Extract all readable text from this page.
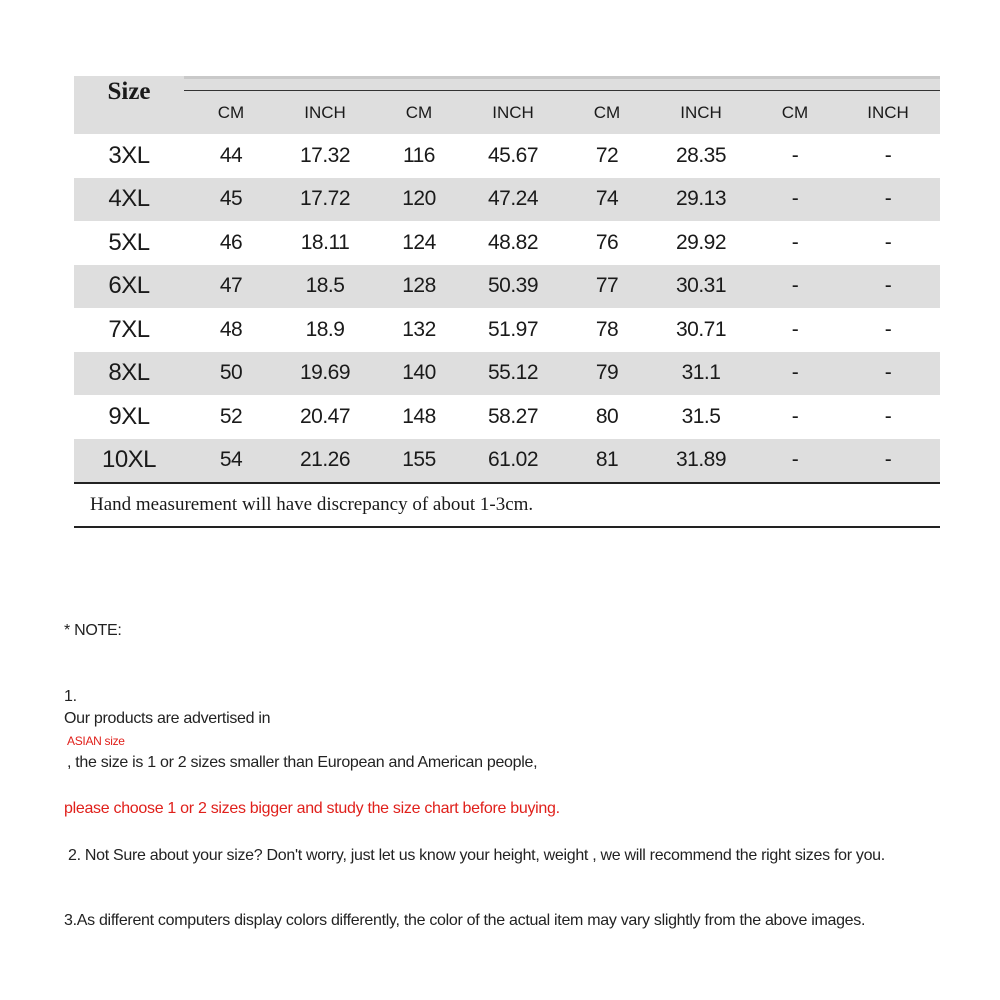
Size
CM	INCH	CM	INCH	CM	INCH	CM	INCH
3XL	44	17.32	116	45.67	72	28.35	-	-
4XL	45	17.72	120	47.24	74	29.13	-	-
5XL	46	18.11	124	48.82	76	29.92	-	-
6XL	47	18.5	128	50.39	77	30.31	-	-
7XL	48	18.9	132	51.97	78	30.71	-	-
8XL	50	19.69	140	55.12	79	31.1	-	-
9XL	52	20.47	148	58.27	80	31.5	-	-
10XL	54	21.26	155	61.02	81	31.89	-	-
Hand measurement will have discrepancy of about 1-3cm.
* NOTE:
1.
Our products are advertised in
ASIAN size
, the size is 1 or 2 sizes smaller than European and American people,
please choose 1 or 2 sizes bigger and study the size chart before buying.
2. Not Sure about your size? Don't worry, just let us know your height, weight , we will recommend the right sizes for you.
3.As different computers display colors differently, the color of the actual item may vary slightly from the above images.
